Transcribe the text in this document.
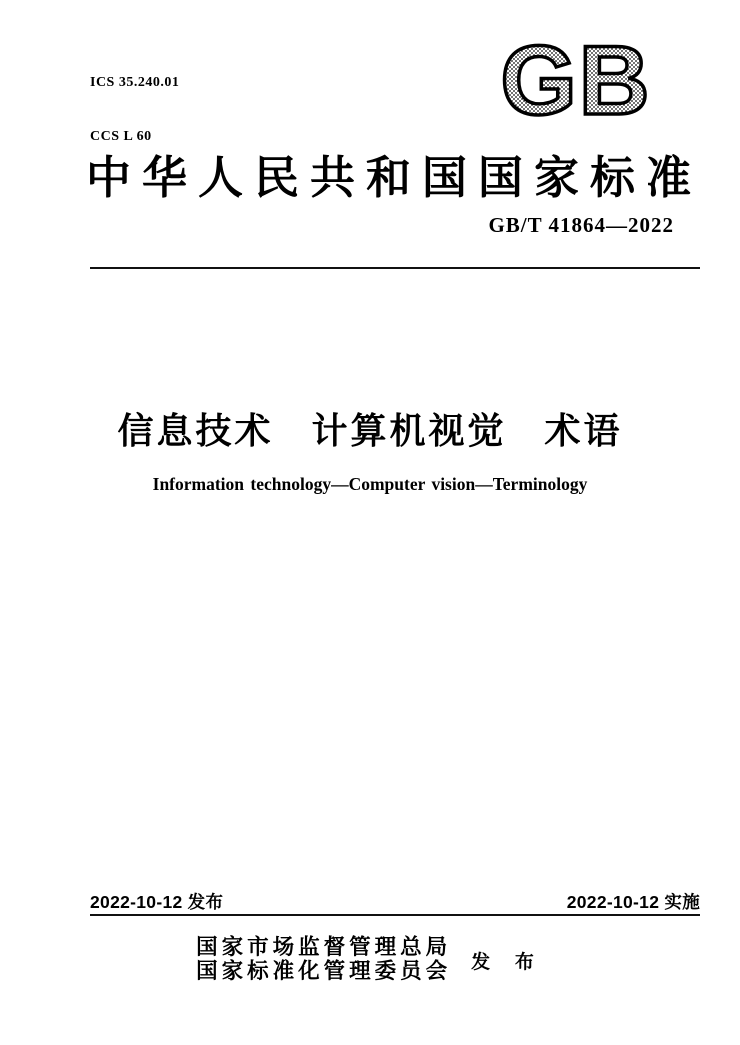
ICS 35.240.01

CCS L 60

GB
中华人民共和国国家标准
GB/T 41864—2022
信息技术 计算机视觉 术语
Information technology—Computer vision—Terminology
2022-10-12 发布	2022-10-12 实施
国家市场监督管理总局
国家标准化管理委员会 发 布
